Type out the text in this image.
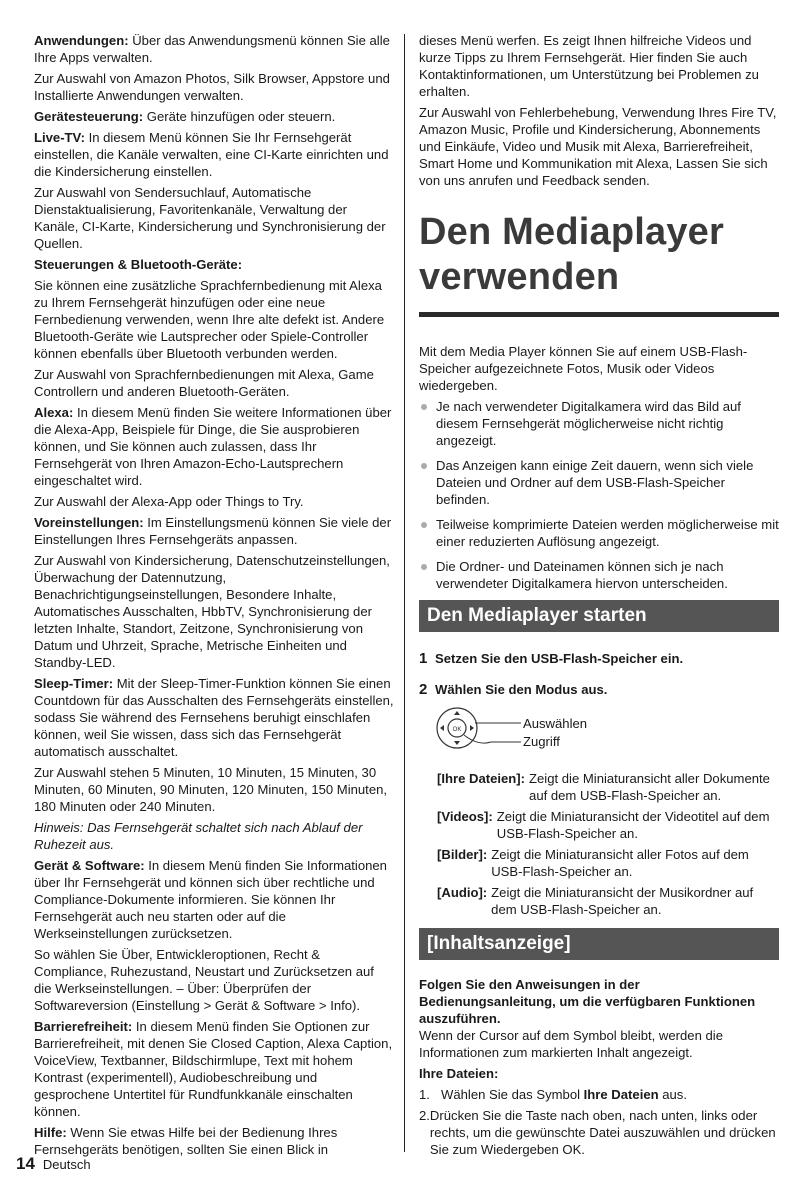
Anwendungen: Über das Anwendungsmenü können Sie alle Ihre Apps verwalten.

Zur Auswahl von Amazon Photos, Silk Browser, Appstore und Installierte Anwendungen verwalten.

Gerätesteuerung: Geräte hinzufügen oder steuern.

Live-TV: In diesem Menü können Sie Ihr Fernsehgerät einstellen, die Kanäle verwalten, eine CI-Karte einrichten und die Kindersicherung einstellen.

Zur Auswahl von Sendersuchlauf, Automatische Dienstaktualisierung, Favoritenkanäle, Verwaltung der Kanäle, CI-Karte, Kindersicherung und Synchronisierung der Quellen.

Steuerungen & Bluetooth-Geräte:

Sie können eine zusätzliche Sprachfernbedienung mit Alexa zu Ihrem Fernsehgerät hinzufügen oder eine neue Fernbedienung verwenden, wenn Ihre alte defekt ist. Andere Bluetooth-Geräte wie Lautsprecher oder Spiele-Controller können ebenfalls über Bluetooth verbunden werden.

Zur Auswahl von Sprachfernbedienungen mit Alexa, Game Controllern und anderen Bluetooth-Geräten.

Alexa: In diesem Menü finden Sie weitere Informationen über die Alexa-App, Beispiele für Dinge, die Sie ausprobieren können, und Sie können auch zulassen, dass Ihr Fernsehgerät von Ihren Amazon-Echo-Lautsprechern eingeschaltet wird.

Zur Auswahl der Alexa-App oder Things to Try.

Voreinstellungen: Im Einstellungsmenü können Sie viele der Einstellungen Ihres Fernsehgeräts anpassen.

Zur Auswahl von Kindersicherung, Datenschutzeinstellungen, Überwachung der Datennutzung, Benachrichtigungseinstellungen, Besondere Inhalte, Automatisches Ausschalten, HbbTV, Synchronisierung der letzten Inhalte, Standort, Zeitzone, Synchronisierung von Datum und Uhrzeit, Sprache, Metrische Einheiten und Standby-LED.

Sleep-Timer: Mit der Sleep-Timer-Funktion können Sie einen Countdown für das Ausschalten des Fernsehgeräts einstellen, sodass Sie während des Fernsehens beruhigt einschlafen können, weil Sie wissen, dass sich das Fernsehgerät automatisch ausschaltet.

Zur Auswahl stehen 5 Minuten, 10 Minuten, 15 Minuten, 30 Minuten, 60 Minuten, 90 Minuten, 120 Minuten, 150 Minuten, 180 Minuten oder 240 Minuten.

Hinweis: Das Fernsehgerät schaltet sich nach Ablauf der Ruhezeit aus.

Gerät & Software: In diesem Menü finden Sie Informationen über Ihr Fernsehgerät und können sich über rechtliche und Compliance-Dokumente informieren. Sie können Ihr Fernsehgerät auch neu starten oder auf die Werkseinstellungen zurücksetzen.

So wählen Sie Über, Entwickleroptionen, Recht & Compliance, Ruhezustand, Neustart und Zurücksetzen auf die Werkseinstellungen. – Über: Überprüfen der Softwareversion (Einstellung > Gerät & Software > Info).

Barrierefreiheit: In diesem Menü finden Sie Optionen zur Barrierefreiheit, mit denen Sie Closed Caption, Alexa Caption, VoiceView, Textbanner, Bildschirmlupe, Text mit hohem Kontrast (experimentell), Audiobeschreibung und gesprochene Untertitel für Rundfunkkanäle einschalten können.

Hilfe: Wenn Sie etwas Hilfe bei der Bedienung Ihres Fernsehgeräts benötigen, sollten Sie einen Blick in

dieses Menü werfen. Es zeigt Ihnen hilfreiche Videos und kurze Tipps zu Ihrem Fernsehgerät. Hier finden Sie auch Kontaktinformationen, um Unterstützung bei Problemen zu erhalten.

Zur Auswahl von Fehlerbehebung, Verwendung Ihres Fire TV, Amazon Music, Profile und Kindersicherung, Abonnements und Einkäufe, Video und Musik mit Alexa, Barrierefreiheit, Smart Home und Kommunikation mit Alexa, Lassen Sie sich von uns anrufen und Feedback senden.

Den Mediaplayer
verwenden

Mit dem Media Player können Sie auf einem USB-Flash-Speicher aufgezeichnete Fotos, Musik oder Videos wiedergeben.

Je nach verwendeter Digitalkamera wird das Bild auf diesem Fernsehgerät möglicherweise nicht richtig angezeigt.
Das Anzeigen kann einige Zeit dauern, wenn sich viele Dateien und Ordner auf dem USB-Flash-Speicher befinden.
Teilweise komprimierte Dateien werden möglicherweise mit einer reduzierten Auflösung angezeigt.
Die Ordner- und Dateinamen können sich je nach verwendeter Digitalkamera hiervon unterscheiden.
Den Mediaplayer starten
1 Setzen Sie den USB-Flash-Speicher ein.
2 Wählen Sie den Modus aus.
OK	Auswählen
Zugriff
[Ihre Dateien]: Zeigt die Miniaturansicht aller Dokumente auf dem USB-Flash-Speicher an.
[Videos]: Zeigt die Miniaturansicht der Videotitel auf dem USB-Flash-Speicher an.
[Bilder]: Zeigt die Miniaturansicht aller Fotos auf dem USB-Flash-Speicher an.
[Audio]: Zeigt die Miniaturansicht der Musikordner auf dem USB-Flash-Speicher an.
[Inhaltsanzeige]

Folgen Sie den Anweisungen in der Bedienungsanleitung, um die verfügbaren Funktionen auszuführen.

Wenn der Cursor auf dem Symbol bleibt, werden die Informationen zum markierten Inhalt angezeigt.

Ihre Dateien:

1. Wählen Sie das Symbol Ihre Dateien aus.
2. Drücken Sie die Taste nach oben, nach unten, links oder rechts, um die gewünschte Datei auszuwählen und drücken Sie zum Wiedergeben OK.
14 Deutsch
